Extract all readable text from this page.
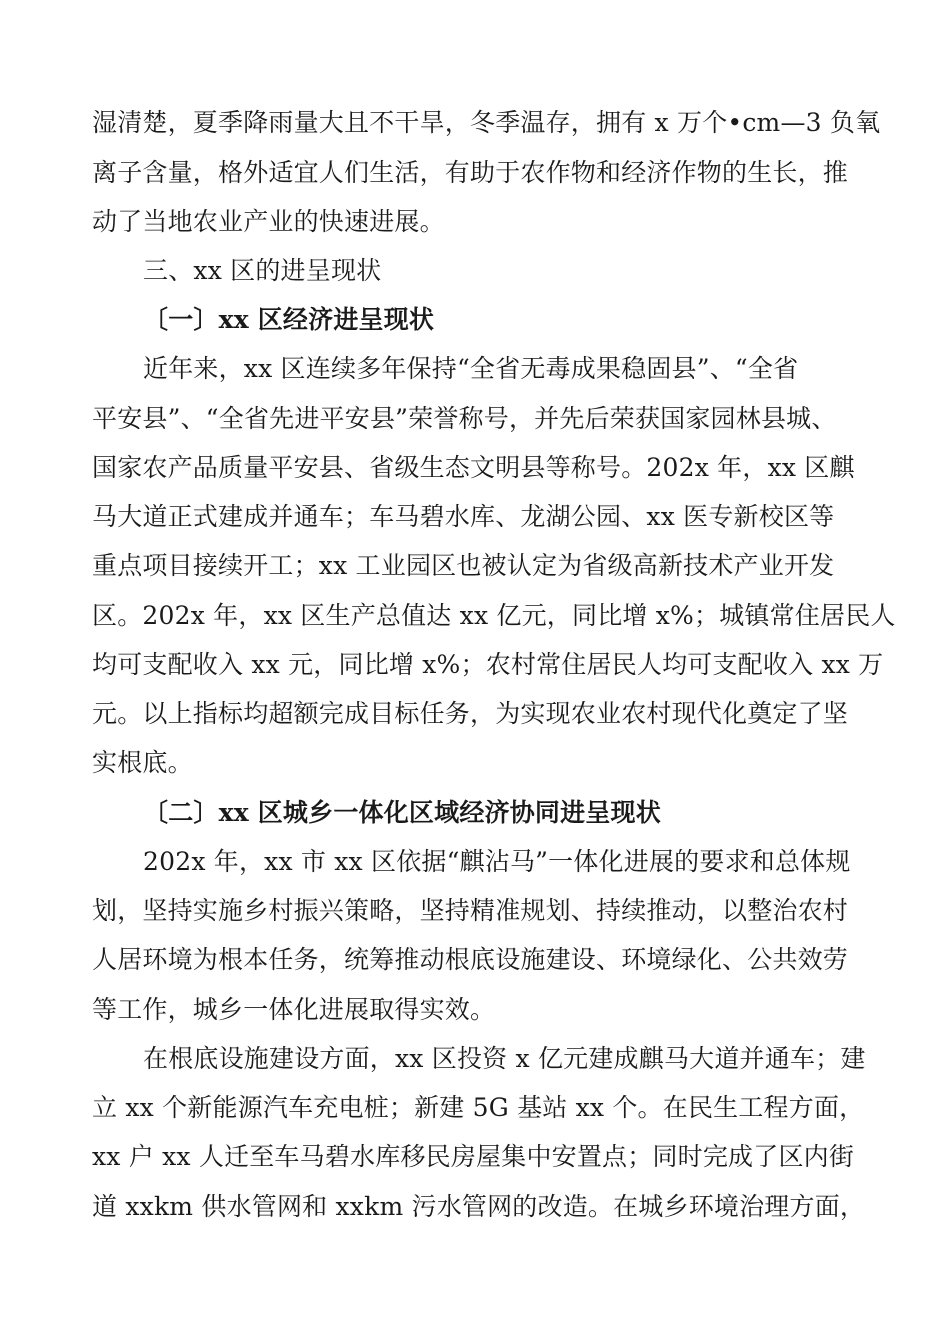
湿清楚，夏季降雨量大且不干旱，冬季温存，拥有 x 万个•cm—3 负氧
离子含量，格外适宜人们生活，有助于农作物和经济作物的生长，推
动了当地农业产业的快速进展。
三、xx 区的进呈现状
〔一〕xx 区经济进呈现状
近年来，xx 区连续多年保持“全省无毒成果稳固县”、“全省
平安县”、“全省先进平安县”荣誉称号，并先后荣获国家园林县城、
国家农产品质量平安县、省级生态文明县等称号。202x 年，xx 区麒
马大道正式建成并通车；车马碧水库、龙湖公园、xx 医专新校区等
重点项目接续开工；xx 工业园区也被认定为省级高新技术产业开发
区。202x 年，xx 区生产总值达 xx 亿元，同比增 x%；城镇常住居民人
均可支配收入 xx 元，同比增 x%；农村常住居民人均可支配收入 xx 万
元。以上指标均超额完成目标任务，为实现农业农村现代化奠定了坚
实根底。
〔二〕xx 区城乡一体化区域经济协同进呈现状
202x 年，xx 市 xx 区依据“麒沾马”一体化进展的要求和总体规
划，坚持实施乡村振兴策略，坚持精准规划、持续推动，以整治农村
人居环境为根本任务，统筹推动根底设施建设、环境绿化、公共效劳
等工作，城乡一体化进展取得实效。
在根底设施建设方面，xx 区投资 x 亿元建成麒马大道并通车；建
立 xx 个新能源汽车充电桩；新建 5G 基站 xx 个。在民生工程方面，
xx 户 xx 人迁至车马碧水库移民房屋集中安置点；同时完成了区内街
道 xxkm 供水管网和 xxkm 污水管网的改造。在城乡环境治理方面，
